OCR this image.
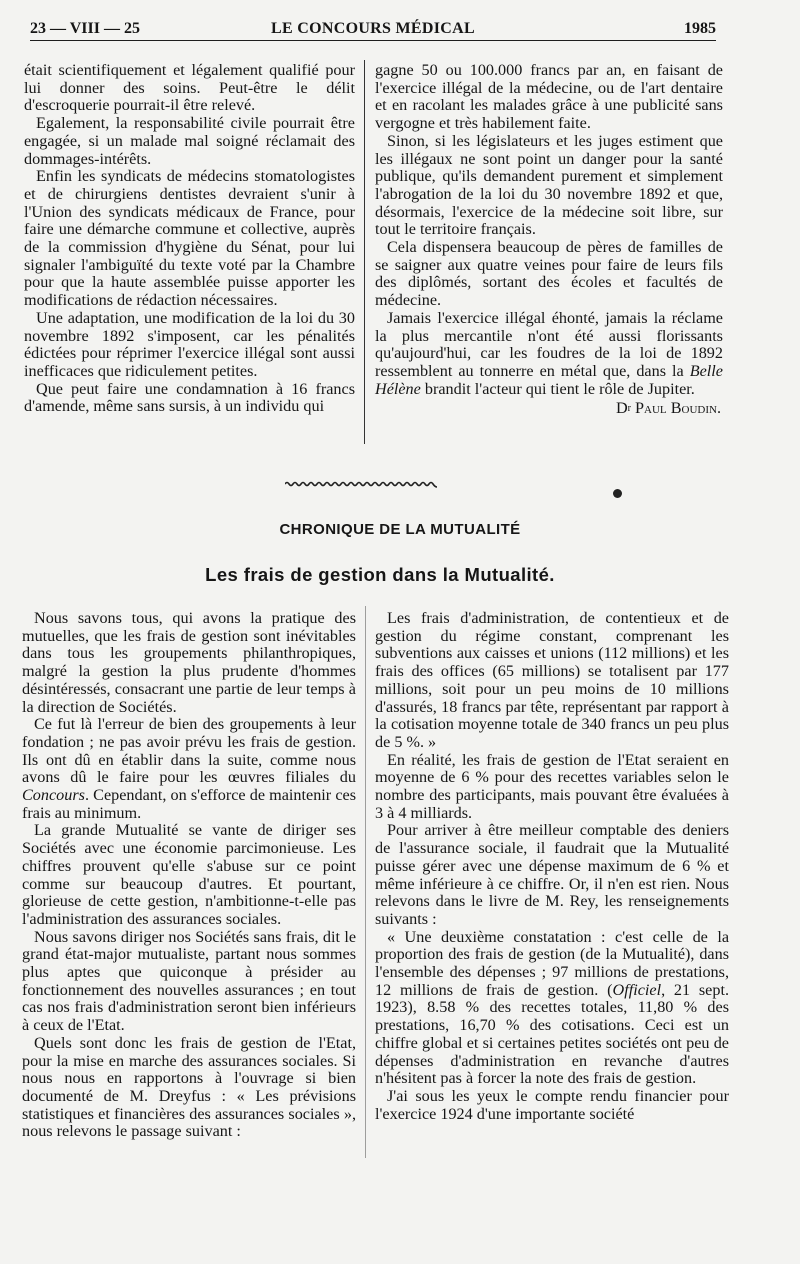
23 — VIII — 25	LE CONCOURS MÉDICAL	1985

était scientifiquement et légalement qualifié pour lui donner des soins. Peut-être le délit d'escroquerie pourrait-il être relevé.

Egalement, la responsabilité civile pourrait être engagée, si un malade mal soigné réclamait des dommages-intérêts.

Enfin les syndicats de médecins stomatologistes et de chirurgiens dentistes devraient s'unir à l'Union des syndicats médicaux de France, pour faire une démarche commune et collective, auprès de la commission d'hygiène du Sénat, pour lui signaler l'ambiguïté du texte voté par la Chambre pour que la haute assemblée puisse apporter les modifications de rédaction nécessaires.

Une adaptation, une modification de la loi du 30 novembre 1892 s'imposent, car les pénalités édictées pour réprimer l'exercice illégal sont aussi inefficaces que ridiculement petites.

Que peut faire une condamnation à 16 francs d'amende, même sans sursis, à un individu qui

gagne 50 ou 100.000 francs par an, en faisant de l'exercice illégal de la médecine, ou de l'art dentaire et en racolant les malades grâce à une publicité sans vergogne et très habilement faite.

Sinon, si les législateurs et les juges estiment que les illégaux ne sont point un danger pour la santé publique, qu'ils demandent purement et simplement l'abrogation de la loi du 30 novembre 1892 et que, désormais, l'exercice de la médecine soit libre, sur tout le territoire français.

Cela dispensera beaucoup de pères de familles de se saigner aux quatre veines pour faire de leurs fils des diplômés, sortant des écoles et facultés de médecine.

Jamais l'exercice illégal éhonté, jamais la réclame la plus mercantile n'ont été aussi florissants qu'aujourd'hui, car les foudres de la loi de 1892 ressemblent au tonnerre en métal que, dans la Belle Hélène brandit l'acteur qui tient le rôle de Jupiter.

$D^r$ Paul Boudin.
CHRONIQUE DE LA MUTUALITÉ
Les frais de gestion dans la Mutualité.

Nous savons tous, qui avons la pratique des mutuelles, que les frais de gestion sont inévitables dans tous les groupements philanthropiques, malgré la gestion la plus prudente d'hommes désintéressés, consacrant une partie de leur temps à la direction de Sociétés.

Ce fut là l'erreur de bien des groupements à leur fondation ; ne pas avoir prévu les frais de gestion. Ils ont dû en établir dans la suite, comme nous avons dû le faire pour les œuvres filiales du Concours. Cependant, on s'efforce de maintenir ces frais au minimum.

La grande Mutualité se vante de diriger ses Sociétés avec une économie parcimonieuse. Les chiffres prouvent qu'elle s'abuse sur ce point comme sur beaucoup d'autres. Et pourtant, glorieuse de cette gestion, n'ambitionne-t-elle pas l'administration des assurances sociales.

Nous savons diriger nos Sociétés sans frais, dit le grand état-major mutualiste, partant nous sommes plus aptes que quiconque à présider au fonctionnement des nouvelles assurances ; en tout cas nos frais d'administration seront bien inférieurs à ceux de l'Etat.

Quels sont donc les frais de gestion de l'Etat, pour la mise en marche des assurances sociales. Si nous nous en rapportons à l'ouvrage si bien documenté de M. Dreyfus : « Les prévisions statistiques et financières des assurances sociales », nous relevons le passage suivant :

Les frais d'administration, de contentieux et de gestion du régime constant, comprenant les subventions aux caisses et unions (112 millions) et les frais des offices (65 millions) se totalisent par 177 millions, soit pour un peu moins de 10 millions d'assurés, 18 francs par tête, représentant par rapport à la cotisation moyenne totale de 340 francs un peu plus de 5 %. »

En réalité, les frais de gestion de l'Etat seraient en moyenne de 6 % pour des recettes variables selon le nombre des participants, mais pouvant être évaluées à 3 à 4 milliards.

Pour arriver à être meilleur comptable des deniers de l'assurance sociale, il faudrait que la Mutualité puisse gérer avec une dépense maximum de 6 % et même inférieure à ce chiffre. Or, il n'en est rien. Nous relevons dans le livre de M. Rey, les renseignements suivants :

« Une deuxième constatation : c'est celle de la proportion des frais de gestion (de la Mutualité), dans l'ensemble des dépenses ; 97 millions de prestations, 12 millions de frais de gestion. (Officiel, 21 sept. 1923), 8.58 % des recettes totales, 11,80 % des prestations, 16,70 % des cotisations. Ceci est un chiffre global et si certaines petites sociétés ont peu de dépenses d'administration en revanche d'autres n'hésitent pas à forcer la note des frais de gestion.

J'ai sous les yeux le compte rendu financier pour l'exercice 1924 d'une importante société
